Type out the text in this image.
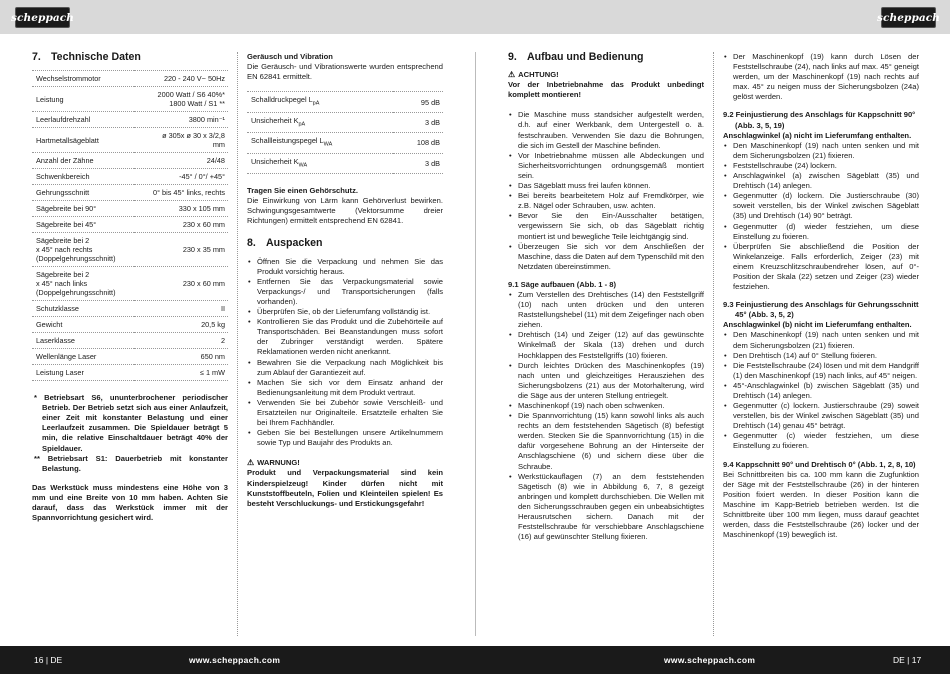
scheppach	scheppach
7. Technische Daten
Wechselstrommotor	220 - 240 V~ 50Hz
Leistung	2000 Watt / S6 40%*
1800 Watt / S1 **
Leerlaufdrehzahl	3800 min⁻¹
Hartmetallsägeblatt	ø 305x ø 30 x 3/2,8
mm
Anzahl der Zähne	24/48
Schwenkbereich	-45° / 0°/ +45°
Gehrungsschnitt	0° bis 45° links, rechts
Sägebreite bei 90°	330 x 105 mm
Sägebreite bei 45°	230 x 60 mm
Sägebreite bei 2
x 45° nach rechts
(Doppelgehrungsschnitt)	230 x 35 mm
Sägebreite bei 2
x 45° nach links
(Doppelgehrungsschnitt)	230 x 60 mm
Schutzklasse	II
Gewicht	20,5 kg
Laserklasse	2
Wellenlänge Laser	650 nm
Leistung Laser	≤ 1 mW

* Betriebsart S6, ununterbrochener periodischer Betrieb. Der Betrieb setzt sich aus einer Anlaufzeit, einer Zeit mit konstanter Belastung und einer Leerlaufzeit zusammen. Die Spieldauer beträgt 5 min, die relative Einschaltdauer beträgt 40% der Spieldauer.

** Betriebsart S1: Dauerbetrieb mit konstanter Belastung.

Das Werkstück muss mindestens eine Höhe von 3 mm und eine Breite von 10 mm haben. Achten Sie darauf, dass das Werkstück immer mit der Spannvorrichtung gesichert wird.

Geräusch und Vibration

Die Geräusch- und Vibrationswerte wurden entsprechend EN 62841 ermittelt.

Schalldruckpegel $L_{pA}$	95 dB
Unsicherheit $K_{pA}$	3 dB
Schallleistungspegel $L_{WA}$	108 dB
Unsicherheit $K_{WA}$	3 dB

Tragen Sie einen Gehörschutz.

Die Einwirkung von Lärm kann Gehörverlust bewirken. Schwingungsgesamtwerte (Vektorsumme dreier Richtungen) ermittelt entsprechend EN 62841.

8. Auspacken
• Öffnen Sie die Verpackung und nehmen Sie das Produkt vorsichtig heraus.
• Entfernen Sie das Verpackungsmaterial sowie Verpackungs-/ und Transportsicherungen (falls vorhanden).
• Überprüfen Sie, ob der Lieferumfang vollständig ist.
• Kontrollieren Sie das Produkt und die Zubehörteile auf Transportschäden. Bei Beanstandungen muss sofort der Zubringer verständigt werden. Spätere Reklamationen werden nicht anerkannt.
• Bewahren Sie die Verpackung nach Möglichkeit bis zum Ablauf der Garantiezeit auf.
• Machen Sie sich vor dem Einsatz anhand der Bedienungsanleitung mit dem Produkt vertraut.
• Verwenden Sie bei Zubehör sowie Verschleiß- und Ersatzteilen nur Originalteile. Ersatzteile erhalten Sie bei Ihrem Fachhändler.
• Geben Sie bei Bestellungen unsere Artikelnummern sowie Typ und Baujahr des Produkts an.

⚠ WARNUNG!

Produkt und Verpackungsmaterial sind kein Kinderspielzeug! Kinder dürfen nicht mit Kunststoffbeuteln, Folien und Kleinteilen spielen! Es besteht Verschluckungs- und Erstickungsgefahr!

9. Aufbau und Bedienung

⚠ ACHTUNG!

Vor der Inbetriebnahme das Produkt unbedingt komplett montieren!

• Die Maschine muss standsicher aufgestellt werden, d.h. auf einer Werkbank, dem Untergestell o. ä. festschrauben. Verwenden Sie dazu die Bohrungen, die sich im Gestell der Maschine befinden.
• Vor Inbetriebnahme müssen alle Abdeckungen und Sicherheitsvorrichtungen ordnungsgemäß montiert sein.
• Das Sägeblatt muss frei laufen können.
• Bei bereits bearbeitetem Holz auf Fremdkörper, wie z.B. Nägel oder Schrauben, usw. achten.
• Bevor Sie den Ein-/Ausschalter betätigen, vergewissern Sie sich, ob das Sägeblatt richtig montiert ist und bewegliche Teile leichtgängig sind.
• Überzeugen Sie sich vor dem Anschließen der Maschine, dass die Daten auf dem Typenschild mit den Netzdaten übereinstimmen.

9.1 Säge aufbauen (Abb. 1 - 8)

• Zum Verstellen des Drehtisches (14) den Feststellgriff (10) nach unten drücken und den unteren Raststellungshebel (11) mit dem Zeigefinger nach oben ziehen.
• Drehtisch (14) und Zeiger (12) auf das gewünschte Winkelmaß der Skala (13) drehen und durch Hochklappen des Feststellgriffs (10) fixieren.
• Durch leichtes Drücken des Maschinenkopfes (19) nach unten und gleichzeitiges Herausziehen des Sicherungsbolzens (21) aus der Motorhalterung, wird die Säge aus der unteren Stellung entriegelt.
• Maschinenkopf (19) nach oben schwenken.
• Die Spannvorrichtung (15) kann sowohl links als auch rechts an dem feststehenden Sägetisch (8) befestigt werden. Stecken Sie die Spannvorrichtung (15) in die dafür vorgesehene Bohrung an der Hinterseite der Anschlagschiene (6) und sichern diese über die Schraube.
• Werkstückauflagen (7) an dem feststehenden Sägetisch (8) wie in Abbildung 6, 7, 8 gezeigt anbringen und komplett durchschieben. Die Wellen mit den Sicherungsschrauben gegen ein unbeabsichtigtes Herausrutschen sichern. Danach mit der Feststellschraube für verschiebbare Anschlagschiene (16) auf gewünschter Stellung fixieren.
• Der Maschinenkopf (19) kann durch Lösen der Feststellschraube (24), nach links auf max. 45° geneigt werden, um der Maschinenkopf (19) nach rechts auf max. 45° zu neigen muss der Sicherungsbolzen (24a) gelöst werden.

9.2 Feinjustierung des Anschlags für Kappschnitt 90° (Abb. 3, 5, 19)

Anschlagwinkel (a) nicht im Lieferumfang enthalten.

• Den Maschinenkopf (19) nach unten senken und mit dem Sicherungsbolzen (21) fixieren.
• Feststellschraube (24) lockern.
• Anschlagwinkel (a) zwischen Sägeblatt (35) und Drehtisch (14) anlegen.
• Gegenmutter (d) lockern. Die Justierschraube (30) soweit verstellen, bis der Winkel zwischen Sägeblatt (35) und Drehtisch (14) 90° beträgt.
• Gegenmutter (d) wieder festziehen, um diese Einstellung zu fixieren.
• Überprüfen Sie abschließend die Position der Winkelanzeige. Falls erforderlich, Zeiger (23) mit einem Kreuzschlitzschraubendreher lösen, auf 0°-Position der Skala (22) setzen und Zeiger (23) wieder festziehen.

9.3 Feinjustierung des Anschlags für Gehrungsschnitt 45° (Abb. 3, 5, 2)

Anschlagwinkel (b) nicht im Lieferumfang enthalten.

• Den Maschinenkopf (19) nach unten senken und mit dem Sicherungsbolzen (21) fixieren.
• Den Drehtisch (14) auf 0° Stellung fixieren.
• Die Feststellschraube (24) lösen und mit dem Handgriff (1) den Maschinenkopf (19) nach links, auf 45° neigen.
• 45°-Anschlagwinkel (b) zwischen Sägeblatt (35) und Drehtisch (14) anlegen.
• Gegenmutter (c) lockern. Justierschraube (29) soweit verstellen, bis der Winkel zwischen Sägeblatt (35) und Drehtisch (14) genau 45° beträgt.
• Gegenmutter (c) wieder festziehen, um diese Einstellung zu fixieren.

9.4 Kappschnitt 90° und Drehtisch 0° (Abb. 1, 2, 8, 10)

Bei Schnittbreiten bis ca. 100 mm kann die Zugfunktion der Säge mit der Feststellschraube (26) in der hinteren Position fixiert werden. In dieser Position kann die Maschine im Kapp-Betrieb betrieben werden. Ist die Schnittbreite über 100 mm liegen, muss darauf geachtet werden, dass die Feststellschraube (26) locker und der Maschinenkopf (19) beweglich ist.

16 | DE	www.scheppach.com	www.scheppach.com	DE | 17
